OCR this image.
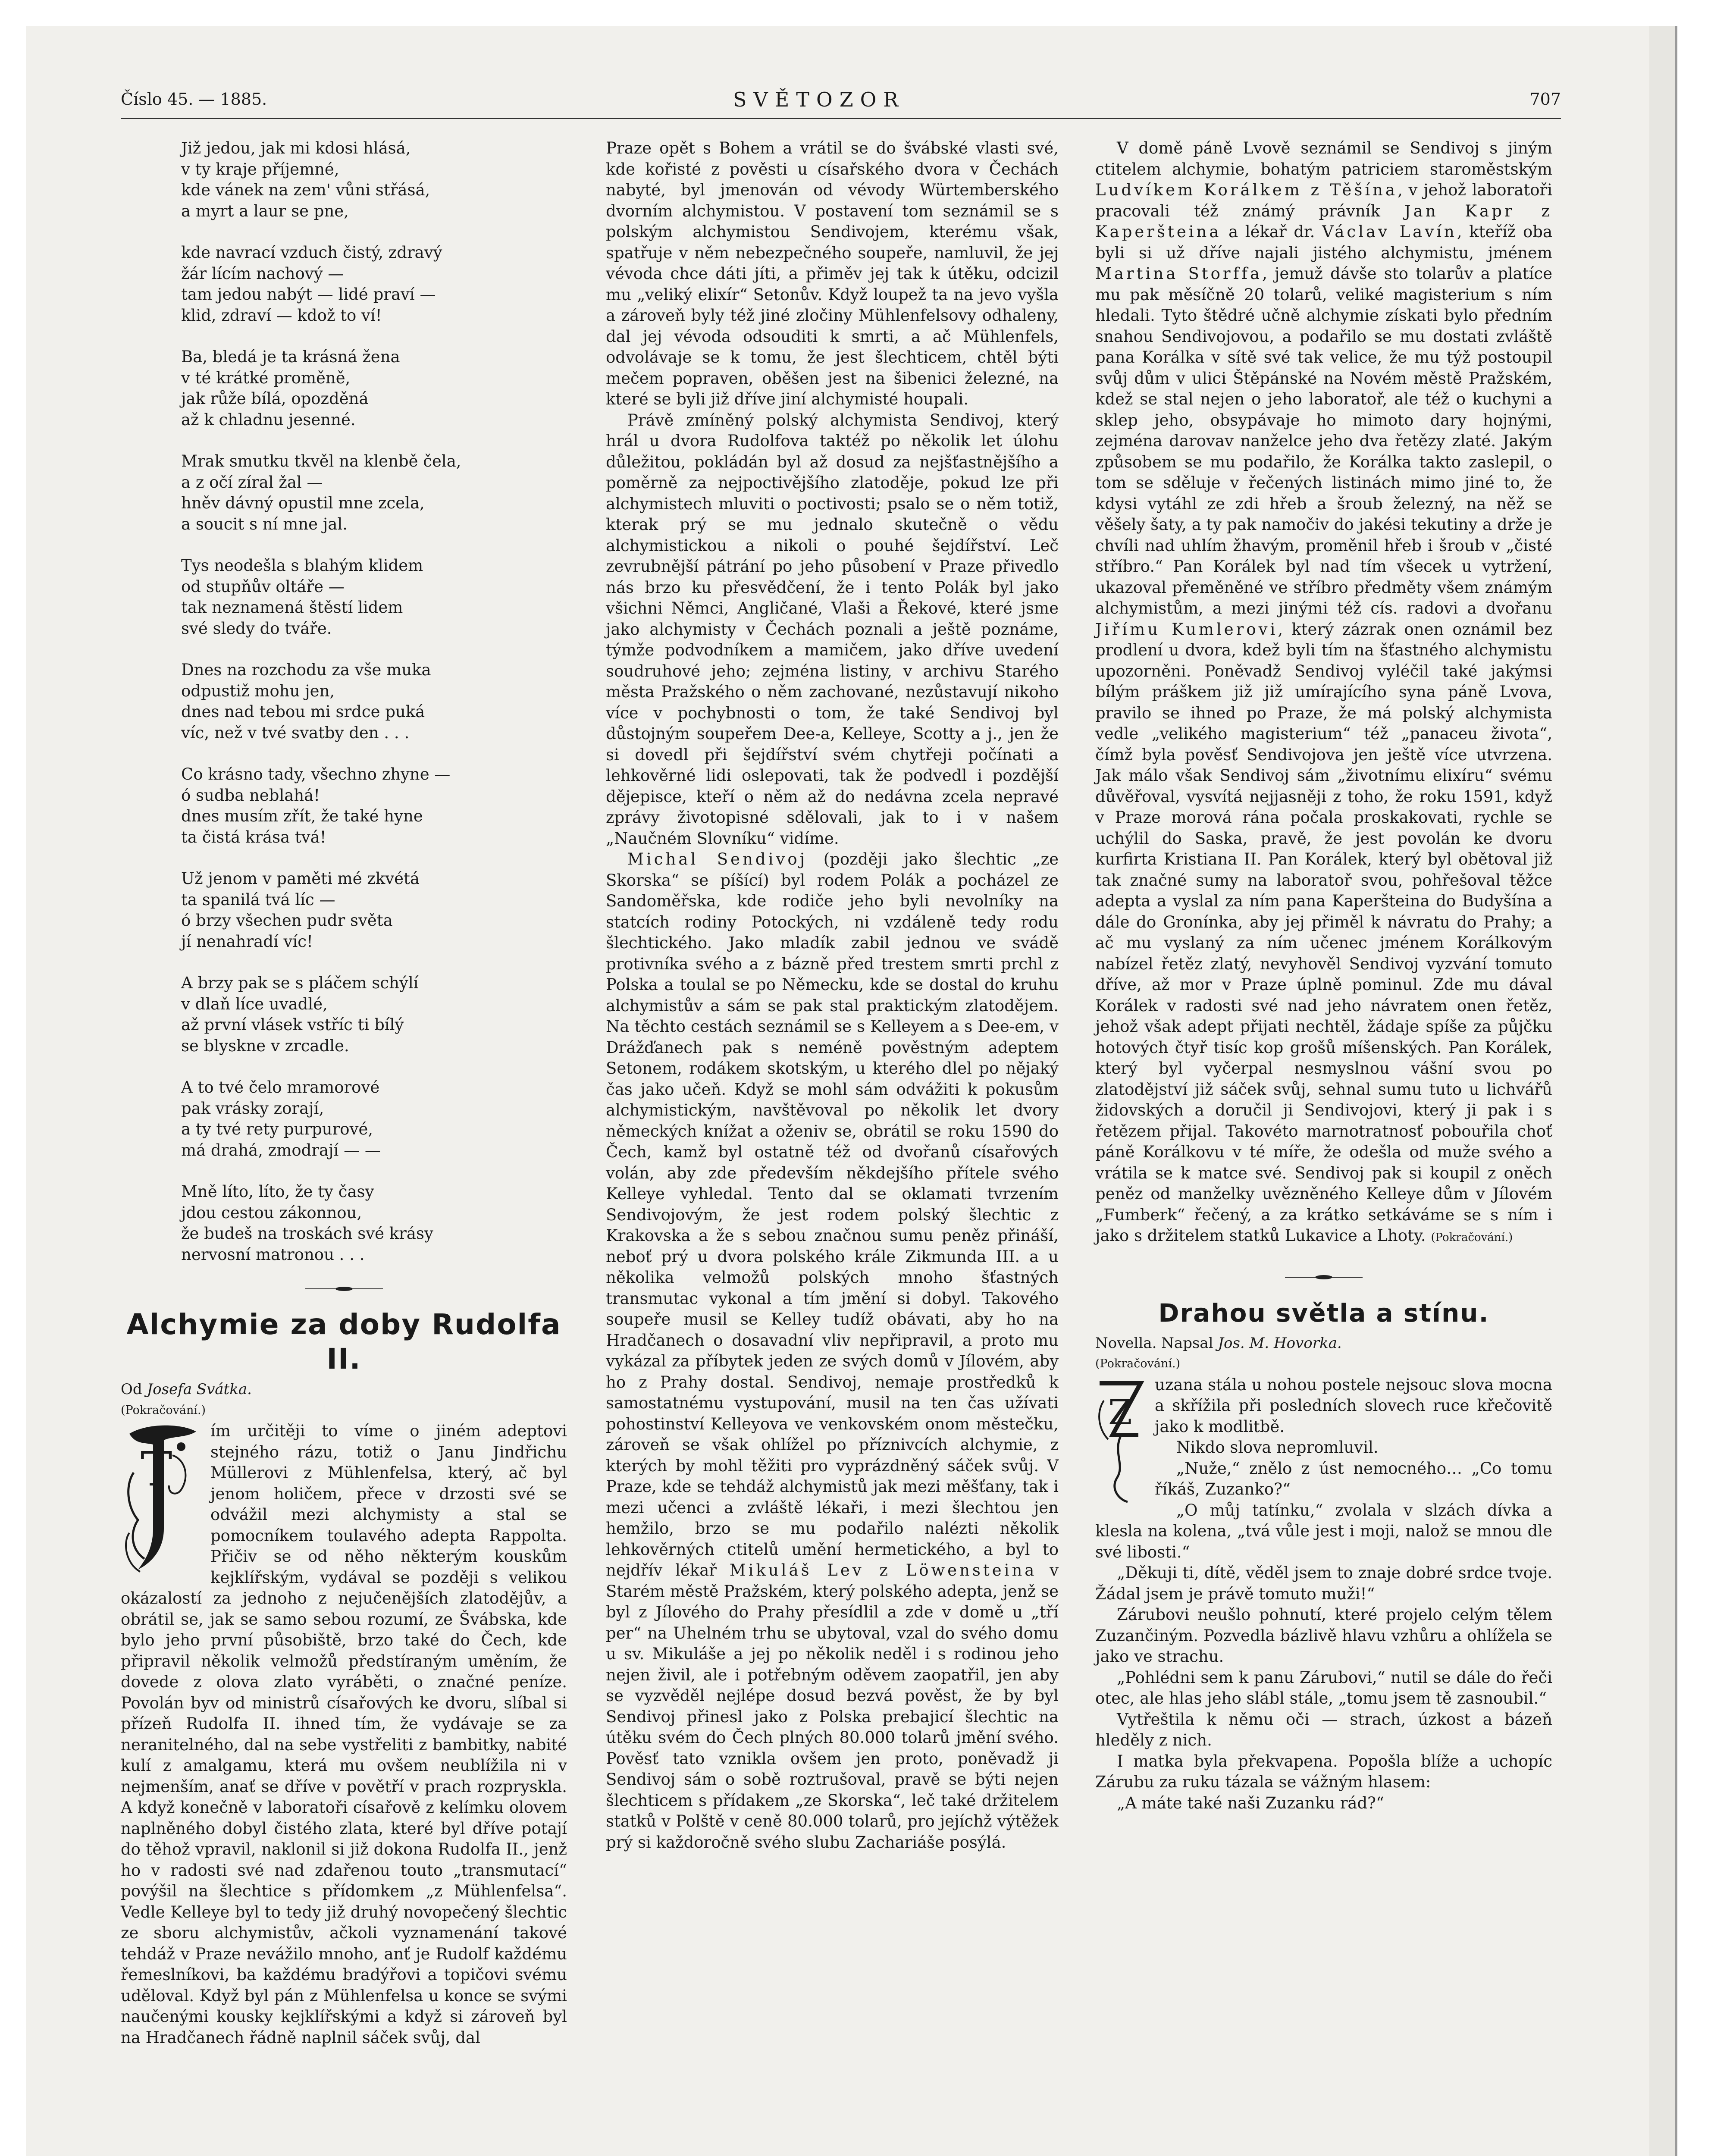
Číslo 45. — 1885.	SVĚTOZOR	707
Již jedou, jak mi kdosi hlásá,
v ty kraje příjemné,
kde vánek na zem' vůni střásá,
a myrt a laur se pne,
kde navrací vzduch čistý, zdravý
žár lícím nachový —
tam jedou nabýt — lidé praví —
klid, zdraví — kdož to ví!
Ba, bledá je ta krásná žena
v té krátké proměně,
jak růže bílá, opozděná
až k chladnu jesenné.
Mrak smutku tkvěl na klenbě čela,
a z očí zíral žal —
hněv dávný opustil mne zcela,
a soucit s ní mne jal.
Tys neodešla s blahým klidem
od stupňův oltáře —
tak neznamená štěstí lidem
své sledy do tváře.
Dnes na rozchodu za vše muka
odpustiž mohu jen,
dnes nad tebou mi srdce puká
víc, než v tvé svatby den . . .
Co krásno tady, všechno zhyne —
ó sudba neblahá!
dnes musím zřít, že také hyne
ta čistá krása tvá!
Už jenom v paměti mé zkvétá
ta spanilá tvá líc —
ó brzy všechen pudr světa
jí nenahradí víc!
A brzy pak se s pláčem schýlí
v dlaň líce uvadlé,
až první vlásek vstříc ti bílý
se blyskne v zrcadle.
A to tvé čelo mramorové
pak vrásky zorají,
a ty tvé rety purpurové,
má drahá, zmodrají — —
Mně líto, líto, že ty časy
jdou cestou zákonnou,
že budeš na troskách své krásy
nervosní matronou . . .
Alchymie za doby Rudolfa II.

Od Josefa Svátka.

(Pokračování.)

T

ím určitěji to víme o jiném adeptovi stejného rázu, totiž o Janu Jindřichu Müllerovi z Mühlenfelsa, který, ač byl jenom holičem, přece v drzosti své se odvážil mezi alchymisty a stal se pomocníkem toulavého adepta Rappolta. Přičiv se od něho některým kouskům kejklířským, vydával se později s velikou okázalostí za jednoho z nejučenějších zlatodějův, a obrátil se, jak se samo sebou rozumí, ze Švábska, kde bylo jeho první působiště, brzo také do Čech, kde připravil několik velmožů předstíraným uměním, že dovede z olova zlato vyráběti, o značné peníze. Povolán byv od ministrů císařových ke dvoru, slíbal si přízeň Rudolfa II. ihned tím, že vydávaje se za neranitelného, dal na sebe vystřeliti z bambitky, nabité kulí z amalgamu, která mu ovšem neublížila ni v nejmenším, anať se dříve v povětří v prach rozpryskla. A když konečně v laboratoři císařově z kelímku olovem naplněného dobyl čistého zlata, které byl dříve potají do těhož vpravil, naklonil si již dokona Rudolfa II., jenž ho v radosti své nad zdařenou touto „transmutací“ povýšil na šlechtice s přídomkem „z Mühlenfelsa“. Vedle Kelleye byl to tedy již druhý novopečený šlechtic ze sboru alchymistův, ačkoli vyznamenání takové tehdáž v Praze nevážilo mnoho, anť je Rudolf každému řemeslníkovi, ba každému bradýřovi a topičovi svému uděloval. Když byl pán z Mühlenfelsa u konce se svými naučenými kousky kejklířskými a když si zároveň byl na Hradčanech řádně naplnil sáček svůj, dal

Praze opět s Bohem a vrátil se do švábské vlasti své, kde kořisté z pověsti u císařského dvora v Čechách nabyté, byl jmenován od vévody Würtemberského dvorním alchymistou. V postavení tom seznámil se s polským alchymistou Sendivojem, kterému však, spatřuje v něm nebezpečného soupeře, namluvil, že jej vévoda chce dáti jíti, a přiměv jej tak k útěku, odcizil mu „veliký elixír“ Setonův. Když loupež ta na jevo vyšla a zároveň byly též jiné zločiny Mühlenfelsovy odhaleny, dal jej vévoda odsouditi k smrti, a ač Mühlenfels, odvolávaje se k tomu, že jest šlechticem, chtěl býti mečem popraven, oběšen jest na šibenici železné, na které se byli již dříve jiní alchymisté houpali.

Právě zmíněný polský alchymista Sendivoj, který hrál u dvora Rudolfova taktéž po několik let úlohu důležitou, pokládán byl až dosud za nejšťastnějšího a poměrně za nejpoctivějšího zlatoděje, pokud lze při alchymistech mluviti o poctivosti; psalo se o něm totiž, kterak prý se mu jednalo skutečně o vědu alchymistickou a nikoli o pouhé šejdířství. Leč zevrubnější pátrání po jeho působení v Praze přivedlo nás brzo ku přesvědčení, že i tento Polák byl jako všichni Němci, Angličané, Vlaši a Řekové, které jsme jako alchymisty v Čechách poznali a ještě poznáme, týmže podvodníkem a mamičem, jako dříve uvedení soudruhové jeho; zejména listiny, v archivu Starého města Pražského o něm zachované, nezůstavují nikoho více v pochybnosti o tom, že také Sendivoj byl důstojným soupeřem Dee-a, Kelleye, Scotty a j., jen že si dovedl při šejdířství svém chytřeji počínati a lehkověrné lidi oslepovati, tak že podvedl i pozdější dějepisce, kteří o něm až do nedávna zcela nepravé zprávy životopisné sdělovali, jak to i v našem „Naučném Slovníku“ vidíme.

Michal Sendivoj (později jako šlechtic „ze Skorska“ se píšící) byl rodem Polák a pocházel ze Sandoměřska, kde rodiče jeho byli nevolníky na statcích rodiny Potockých, ni vzdáleně tedy rodu šlechtického. Jako mladík zabil jednou ve svádě protivníka svého a z bázně před trestem smrti prchl z Polska a toulal se po Německu, kde se dostal do kruhu alchymistův a sám se pak stal praktickým zlatodějem. Na těchto cestách seznámil se s Kelleyem a s Dee-em, v Drážďanech pak s neméně pověstným adeptem Setonem, rodákem skotským, u kterého dlel po nějaký čas jako učeň. Když se mohl sám odvážiti k pokusům alchymistickým, navštěvoval po několik let dvory německých knížat a oženiv se, obrátil se roku 1590 do Čech, kamž byl ostatně též od dvořanů císařových volán, aby zde především někdejšího přítele svého Kelleye vyhledal. Tento dal se oklamati tvrzením Sendivojovým, že jest rodem polský šlechtic z Krakovska a že s sebou značnou sumu peněz přináší, neboť prý u dvora polského krále Zikmunda III. a u několika velmožů polských mnoho šťastných transmutac vykonal a tím jmění si dobyl. Takového soupeře musil se Kelley tudíž obávati, aby ho na Hradčanech o dosavadní vliv nepřipravil, a proto mu vykázal za příbytek jeden ze svých domů v Jílovém, aby ho z Prahy dostal. Sendivoj, nemaje prostředků k samostatnému vystupování, musil na ten čas užívati pohostinství Kelleyova ve venkovském onom městečku, zároveň se však ohlížel po příznivcích alchymie, z kterých by mohl těžiti pro vyprázdněný sáček svůj. V Praze, kde se tehdáž alchymistů jak mezi měšťany, tak i mezi učenci a zvláště lékaři, i mezi šlechtou jen hemžilo, brzo se mu podařilo nalézti několik lehkověrných ctitelů umění hermetického, a byl to nejdřív lékař Mikuláš Lev z Löwensteina v Starém městě Pražském, který polského adepta, jenž se byl z Jílového do Prahy přesídlil a zde v domě u „tří per“ na Uhelném trhu se ubytoval, vzal do svého domu u sv. Mikuláše a jej po několik neděl i s rodinou jeho nejen živil, ale i potřebným oděvem zaopatřil, jen aby se vyzvěděl nejlépe dosud bezvá pověst, že by byl Sendivoj přinesl jako z Polska prebajicí šlechtic na útěku svém do Čech plných 80.000 tolarů jmění svého. Pověsť tato vznikla ovšem jen proto, poněvadž ji Sendivoj sám o sobě roztrušoval, pravě se býti nejen šlechticem s přídakem „ze Skorska“, leč také držitelem statků v Polště v ceně 80.000 tolarů, pro jejíchž výtěžek prý si každoročně svého slubu Zachariáše posýlá.

V domě páně Lvově seznámil se Sendivoj s jiným ctitelem alchymie, bohatým patriciem staroměstským Ludvíkem Korálkem z Těšína, v jehož laboratoři pracovali též známý právník Jan Kapr z Kaperšteina a lékař dr. Václav Lavín, kteříž oba byli si už dříve najali jistého alchymistu, jménem Martina Storffa, jemuž dávše sto tolarův a platíce mu pak měsíčně 20 tolarů, veliké magisterium s ním hledali. Tyto štědré učně alchymie získati bylo předním snahou Sendivojovou, a podařilo se mu dostati zvláště pana Korálka v sítě své tak velice, že mu týž postoupil svůj dům v ulici Štěpánské na Novém městě Pražském, kdež se stal nejen o jeho laboratoř, ale též o kuchyni a sklep jeho, obsypávaje ho mimoto dary hojnými, zejména darovav nanželce jeho dva řetězy zlaté. Jakým způsobem se mu podařilo, že Korálka takto zaslepil, o tom se sděluje v řečených listinách mimo jiné to, že kdysi vytáhl ze zdi hřeb a šroub železný, na něž se věšely šaty, a ty pak namočiv do jakési tekutiny a drže je chvíli nad uhlím žhavým, proměnil hřeb i šroub v „čisté stříbro.“ Pan Korálek byl nad tím všecek u vytržení, ukazoval přeměněné ve stříbro předměty všem známým alchymistům, a mezi jinými též cís. radovi a dvořanu Jiřímu Kumlerovi, který zázrak onen oznámil bez prodlení u dvora, kdež byli tím na šťastného alchymistu upozorněni. Poněvadž Sendivoj vyléčil také jakýmsi bílým práškem již již umírajícího syna páně Lvova, pravilo se ihned po Praze, že má polský alchymista vedle „velikého magisterium“ též „panaceu života“, čímž byla pověsť Sendivojova jen ještě více utvrzena. Jak málo však Sendivoj sám „životnímu elixíru“ svému důvěřoval, vysvítá nejjasněji z toho, že roku 1591, když v Praze morová rána počala proskakovati, rychle se uchýlil do Saska, pravě, že jest povolán ke dvoru kurfirta Kristiana II. Pan Korálek, který byl obětoval již tak značné sumy na laboratoř svou, pohřešoval těžce adepta a vyslal za ním pana Kaperšteina do Budyšína a dále do Gronínka, aby jej přiměl k návratu do Prahy; a ač mu vyslaný za ním učenec jménem Korálkovým nabízel řetěz zlatý, nevyhověl Sendivoj vyzvání tomuto dříve, až mor v Praze úplně pominul. Zde mu dával Korálek v radosti své nad jeho návratem onen řetěz, jehož však adept přijati nechtěl, žádaje spíše za půjčku hotových čtyř tisíc kop grošů míšenských. Pan Korálek, který byl vyčerpal nesmyslnou vášní svou po zlatodějství již sáček svůj, sehnal sumu tuto u lichvářů židovských a doručil ji Sendivojovi, který ji pak i s řetězem přijal. Takovéto marnotratnosť pobouřila choť páně Korálkovu v té míře, že odešla od muže svého a vrátila se k matce své. Sendivoj pak si koupil z oněch peněz od manželky uvězněného Kelleye dům v Jílovém „Fumberk“ řečený, a za krátko setkáváme se s ním i jako s držitelem statků Lukavice a Lhoty. (Pokračování.)

Drahou světla a stínu.

Novella. Napsal Jos. M. Hovorka.

(Pokračování.)

Z

uzana stála u nohou postele nejsouc slova mocna a skřížila při posledních slovech ruce křečovitě jako k modlitbě.

Nikdo slova nepromluvil.

„Nuže,“ znělo z úst nemocného… „Co tomu říkáš, Zuzanko?“

„O můj tatínku,“ zvolala v slzách dívka a klesla na kolena, „tvá vůle jest i moji, nalož se mnou dle své libosti.“

„Děkuji ti, dítě, věděl jsem to znaje dobré srdce tvoje. Žádal jsem je právě tomuto muži!“

Zárubovi neušlo pohnutí, které projelo celým tělem Zuzančiným. Pozvedla bázlivě hlavu vzhůru a ohlížela se jako ve strachu.

„Pohlédni sem k panu Zárubovi,“ nutil se dále do řeči otec, ale hlas jeho slábl stále, „tomu jsem tě zasnoubil.“

Vytřeštila k němu oči — strach, úzkost a bázeň hleděly z nich.

I matka byla překvapena. Popošla blíže a uchopíc Zárubu za ruku tázala se vážným hlasem:

„A máte také naši Zuzanku rád?“
